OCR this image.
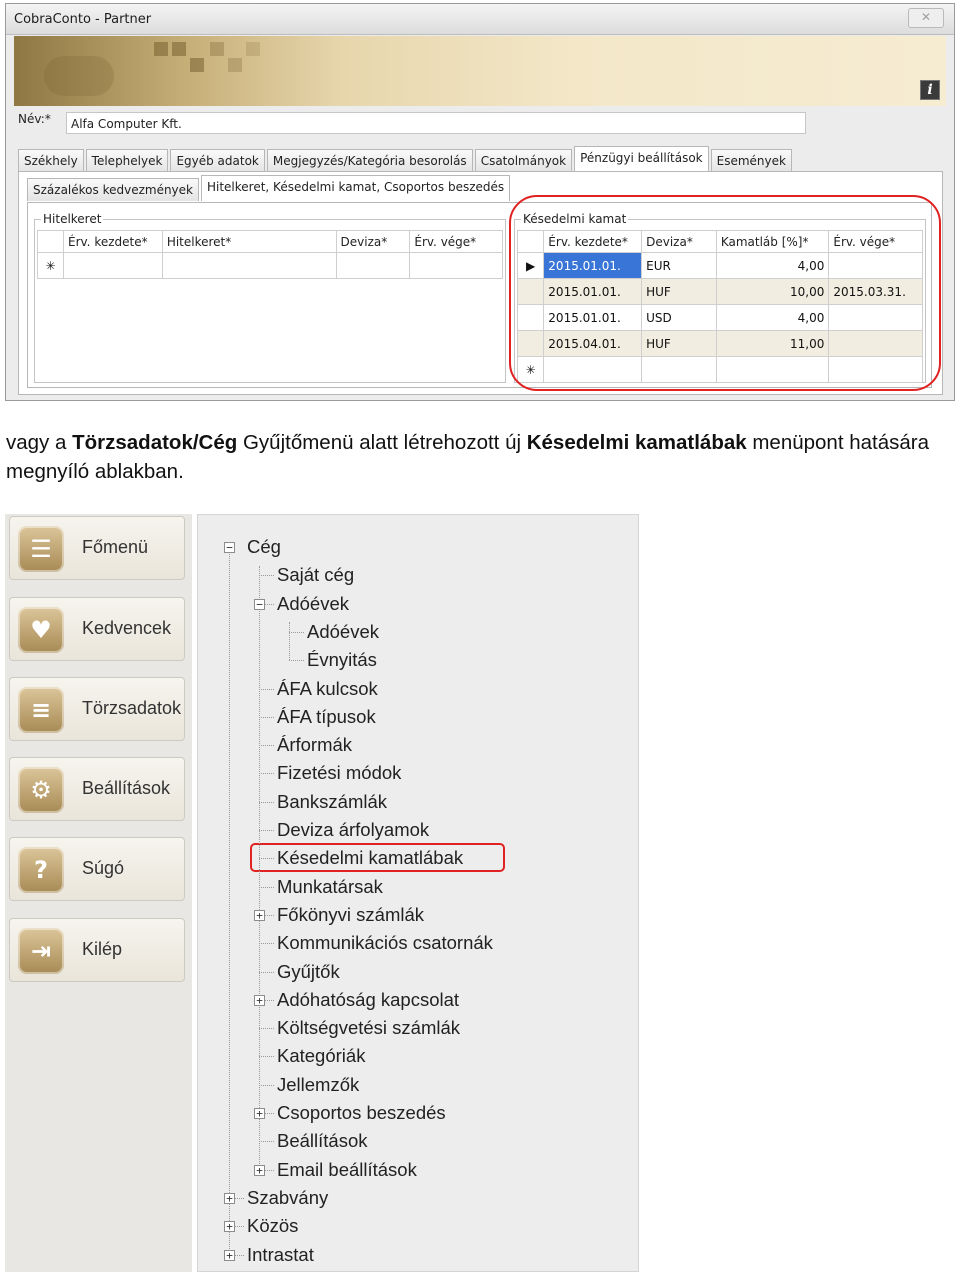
CobraConto - Partner	✕
i
Név:*	Alfa Computer Kft.
Székhely	Telephelyek	Egyéb adatok	Megjegyzés/Kategória besorolás	Csatolmányok	Pénzügyi beállítások	Események
Százalékos kedvezmények	Hitelkeret, Késedelmi kamat, Csoportos beszedés
Hitelkeret
	Érv. kezdete*	Hitelkeret*	Deviza*	Érv. vége*
✳				
Késedelmi kamat
	Érv. kezdete*	Deviza*	Kamatláb [%]*	Érv. vége*
▶	2015.01.01.	EUR	4,00	
	2015.01.01.	HUF	10,00	2015.03.31.
	2015.01.01.	USD	4,00	
	2015.04.01.	HUF	11,00	
✳				
vagy a Törzsadatok/Cég Gyűjtőmenü alatt létrehozott új Késedelmi kamatlábak menüpont hatására megnyíló ablakban.
☰	Főmenü
♥	Kedvencek
≡	Törzsadatok
⚙	Beállítások
?	Súgó
⇥	Kilép
− Cég
Saját cég
− Adóévek
Adóévek
Évnyitás
ÁFA kulcsok
ÁFA típusok
Árformák
Fizetési módok
Bankszámlák
Deviza árfolyamok
Késedelmi kamatlábak
Munkatársak
+ Főkönyvi számlák
Kommunikációs csatornák
Gyűjtők
+ Adóhatóság kapcsolat
Költségvetési számlák
Kategóriák
Jellemzők
+ Csoportos beszedés
Beállítások
+ Email beállítások
+ Szabvány
+ Közös
+ Intrastat
